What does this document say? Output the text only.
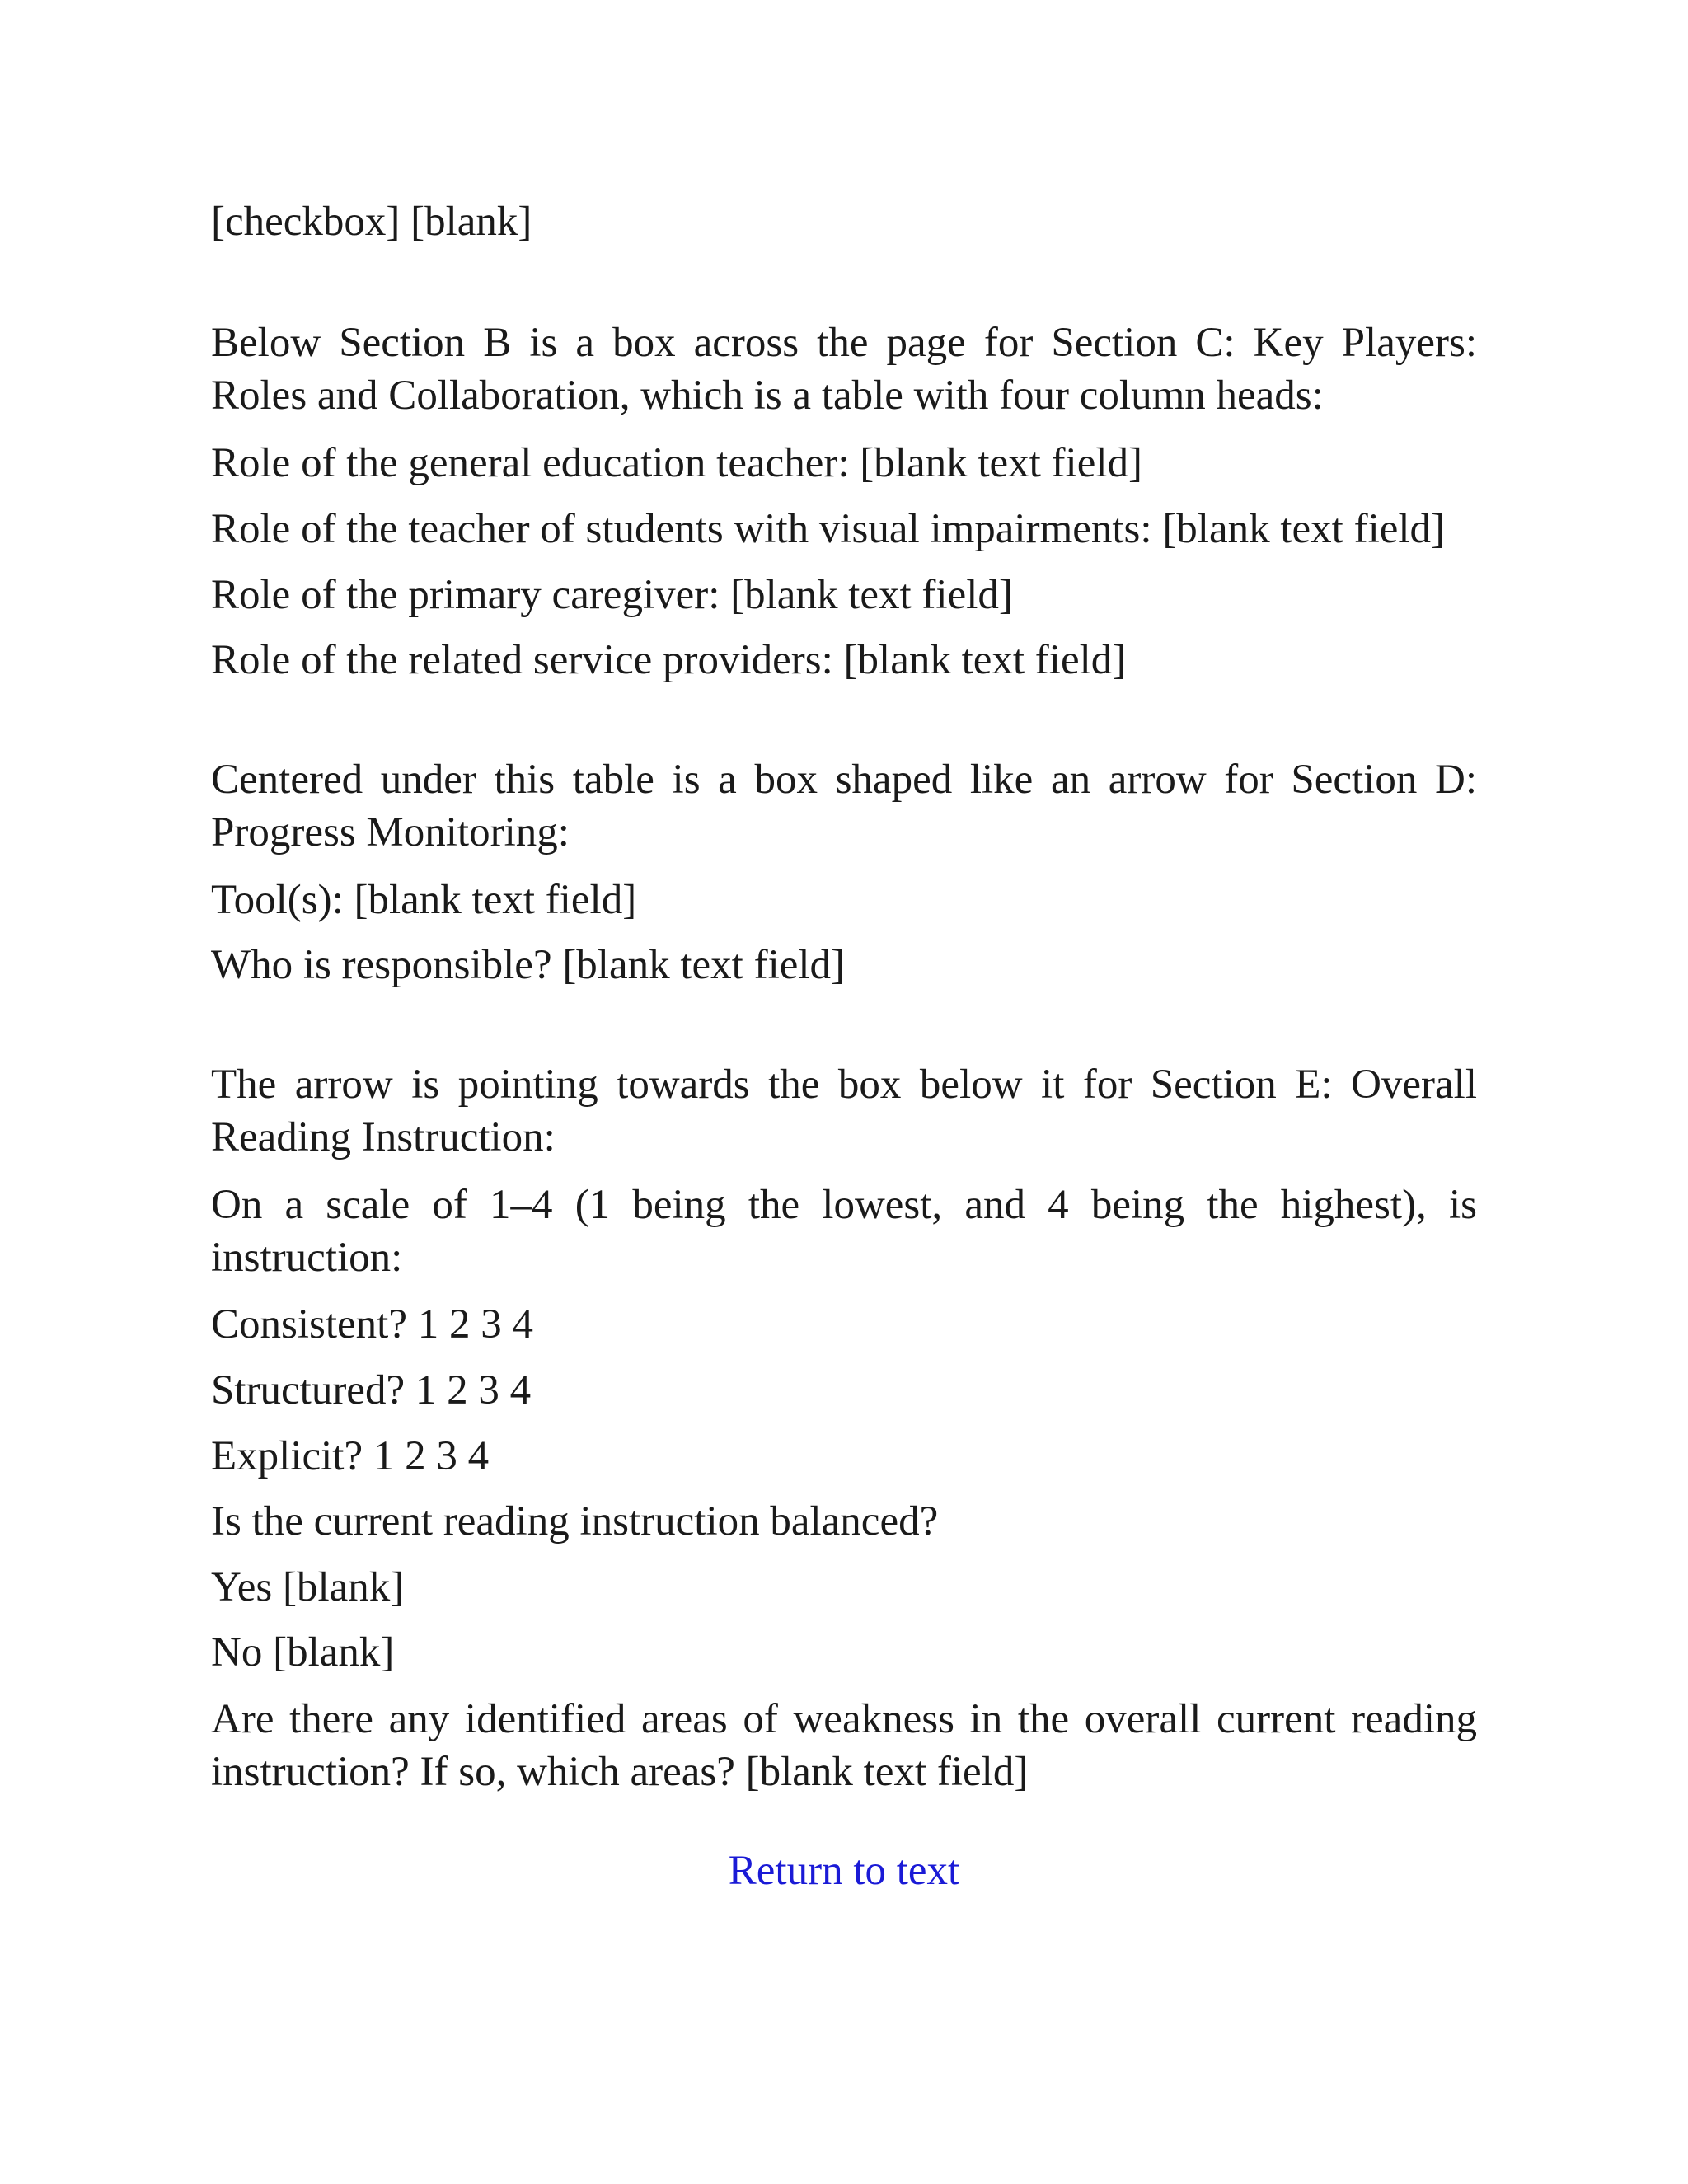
[checkbox] [blank]
Below Section B is a box across the page for Section C: Key Players: Roles and Collaboration, which is a table with four column heads:
Role of the general education teacher: [blank text field]
Role of the teacher of students with visual impairments: [blank text field]
Role of the primary caregiver: [blank text field]
Role of the related service providers: [blank text field]
Centered under this table is a box shaped like an arrow for Section D: Progress Monitoring:
Tool(s): [blank text field]
Who is responsible? [blank text field]
The arrow is pointing towards the box below it for Section E: Overall Reading Instruction:
On a scale of 1–4 (1 being the lowest, and 4 being the highest), is instruction:
Consistent? 1 2 3 4
Structured? 1 2 3 4
Explicit? 1 2 3 4
Is the current reading instruction balanced?
Yes [blank]
No [blank]
Are there any identified areas of weakness in the overall current reading instruction? If so, which areas? [blank text field]
Return to text
